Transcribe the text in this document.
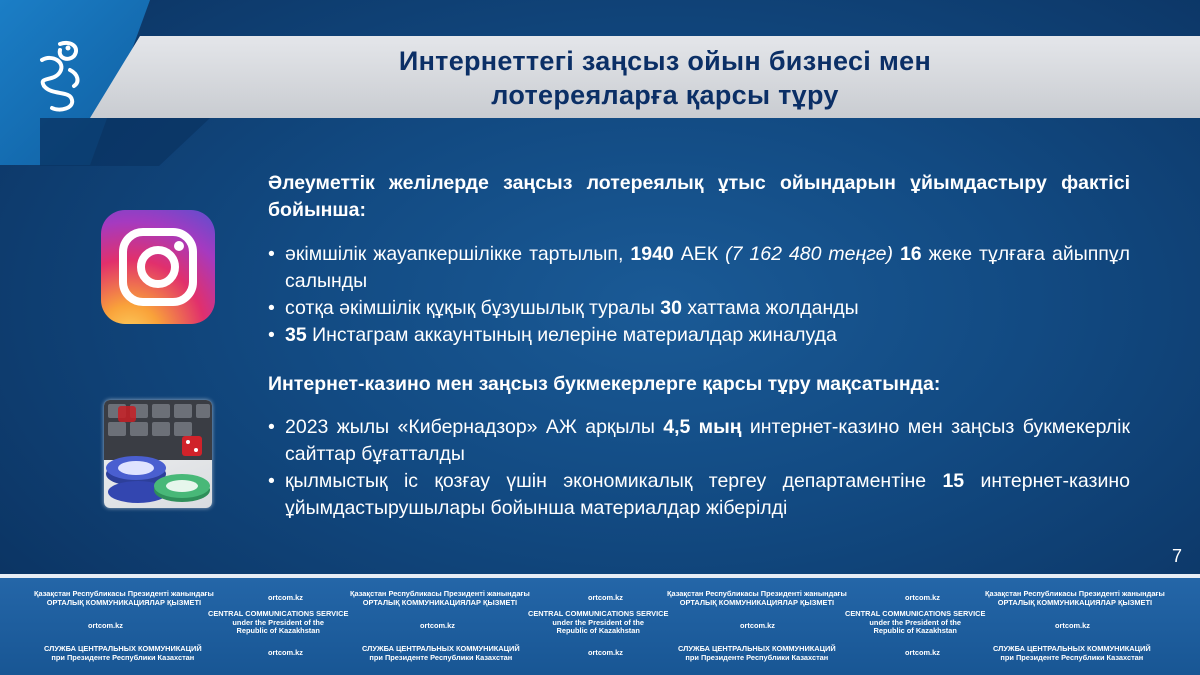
Интернеттегі заңсыз ойын бизнесі мен
лотереяларға қарсы тұру
Әлеуметтік желілерде заңсыз лотереялық ұтыс ойындарын ұйымдастыру фактісі бойынша:
• әкімшілік жауапкершілікке тартылып, 1940 АЕК (7 162 480 теңге) 16 жеке тұлғаға айыппұл салынды
• сотқа әкімшілік құқық бұзушылық туралы 30 хаттама жолданды
• 35 Инстаграм аккаунтының иелеріне материалдар жиналуда
Интернет-казино мен заңсыз букмекерлерге қарсы тұру мақсатында:
• 2023 жылы «Кибернадзор» АЖ арқылы 4,5 мың интернет-казино мен заңсыз букмекерлік сайттар бұғатталды
• қылмыстық іс қозғау үшін экономикалық тергеу департаментіне 15 интернет-казино ұйымдастырушылары бойынша материалдар жіберілді
7
Қазақстан Республикасы Президенті жанындағы
ОРТАЛЫҚ КОММУНИКАЦИЯЛАР ҚЫЗМЕТІ
ortcom.kz	Қазақстан Республикасы Президенті жанындағы
ОРТАЛЫҚ КОММУНИКАЦИЯЛАР ҚЫЗМЕТІ
ortcom.kz	Қазақстан Республикасы Президенті жанындағы
ОРТАЛЫҚ КОММУНИКАЦИЯЛАР ҚЫЗМЕТІ
ortcom.kz	Қазақстан Республикасы Президенті жанындағы
ОРТАЛЫҚ КОММУНИКАЦИЯЛАР ҚЫЗМЕТІ
ortcom.kz
CENTRAL COMMUNICATIONS SERVICE
under the President of the
Republic of Kazakhstan
ortcom.kz
CENTRAL COMMUNICATIONS SERVICE
under the President of the
Republic of Kazakhstan
ortcom.kz
CENTRAL COMMUNICATIONS SERVICE
under the President of the
Republic of Kazakhstan
ortcom.kz
СЛУЖБА ЦЕНТРАЛЬНЫХ КОММУНИКАЦИЙ
при Президенте Республики Казахстан
ortcom.kz	СЛУЖБА ЦЕНТРАЛЬНЫХ КОММУНИКАЦИЙ
при Президенте Республики Казахстан
ortcom.kz	СЛУЖБА ЦЕНТРАЛЬНЫХ КОММУНИКАЦИЙ
при Президенте Республики Казахстан
ortcom.kz	СЛУЖБА ЦЕНТРАЛЬНЫХ КОММУНИКАЦИЙ
при Президенте Республики Казахстан
